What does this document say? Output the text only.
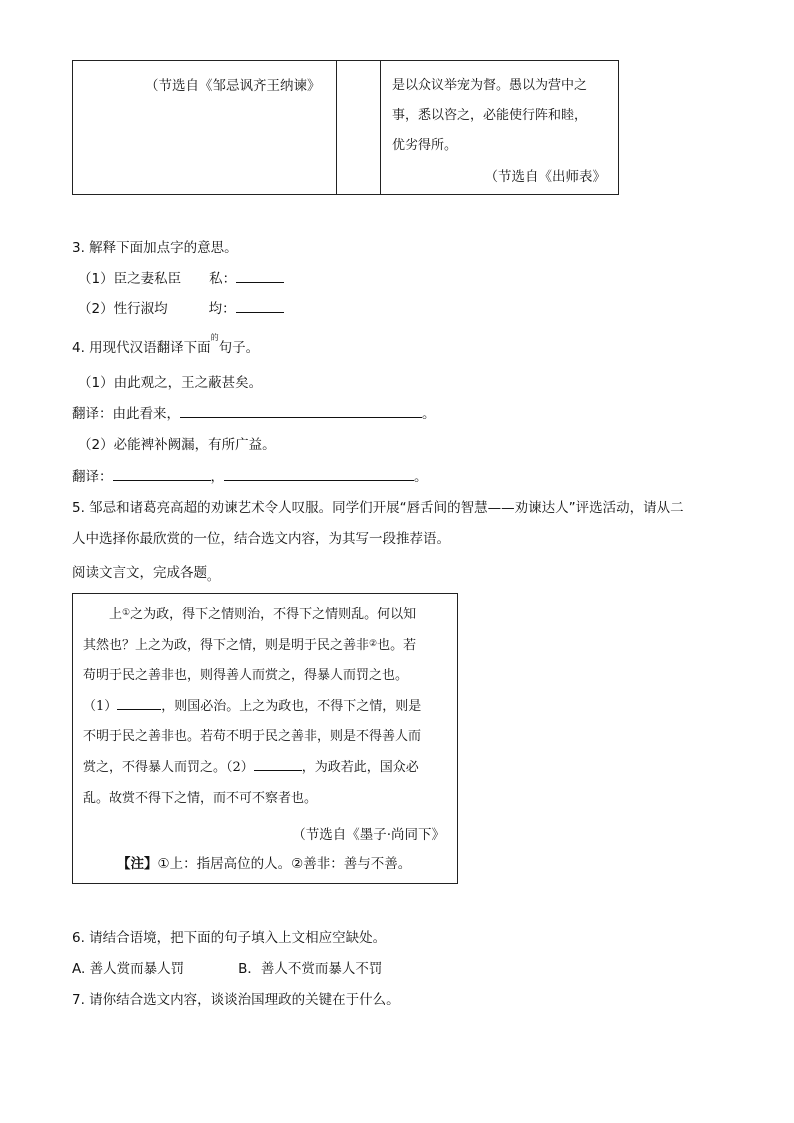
（节选自《邹忌讽齐王纳谏》	是以众议举宠为督。愚以为营中之
事，悉以咨之，必能使行阵和睦，
优劣得所。
（节选自《出师表》
3. 解释下面加点字的意思。
（1）臣之妻私臣 私：
（2）性行淑均	均：
4. 用现代汉语翻译下面$^的$句子。
（1）由此观之，王之蔽甚矣。
翻译：由此看来，	。
（2）必能裨补阙漏，有所广益。
翻译：	，	。
5. 邹忌和诸葛亮高超的劝谏艺术令人叹服。同学们开展“唇舌间的智慧——劝谏达人”评选活动，请从二
人中选择你最欣赏的一位，结合选文内容，为其写一段推荐语。
阅读文言文，完成各题。
上①之为政，得下之情则治，不得下之情则乱。何以知
其然也？上之为政，得下之情，则是明于民之善非②也。若
苟明于民之善非也，则得善人而赏之，得暴人而罚之也。
（1）	，则国必治。上之为政也，不得下之情，则是
不明于民之善非也。若苟不明于民之善非，则是不得善人而
赏之，不得暴人而罚之。（2）	，为政若此，国众必
乱。故赏不得下之情，而不可不察者也。
（节选自《墨子·尚同下》
【注】①上：指居高位的人。②善非：善与不善。
6. 请结合语境，把下面的句子填入上文相应空缺处。
A. 善人赏而暴人罚	B．善人不赏而暴人不罚
7. 请你结合选文内容，谈谈治国理政的关键在于什么。
